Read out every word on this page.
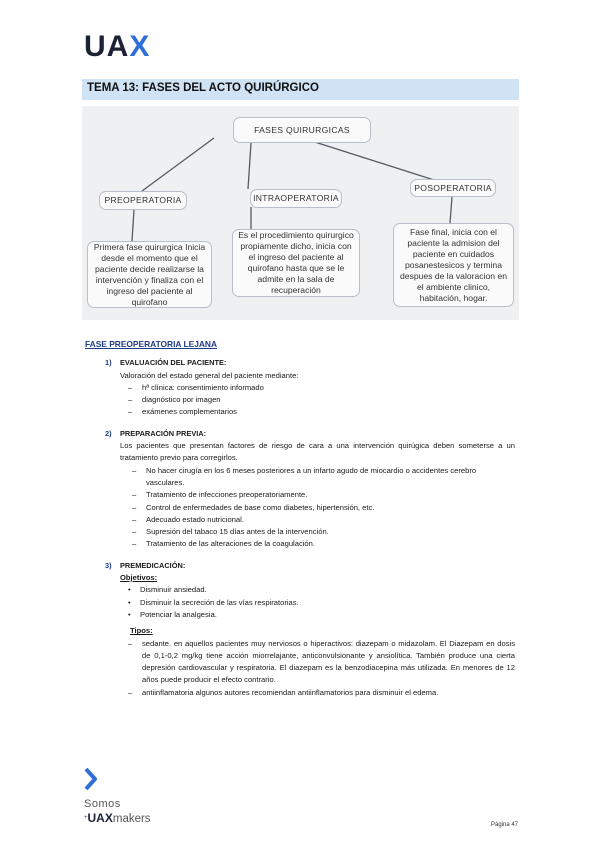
UAX
TEMA 13: FASES DEL ACTO QUIRÚRGICO
FASES QUIRURGICAS
PREOPERATORIA	INTRAOPERATORIA
POSOPERATORIA
Primera fase quirurgica Inicia desde el momento que el paciente decide realizarse la intervención y finaliza con el ingreso del paciente al quirofano
Es el procedimiento quirurgico propiamente dicho, inicia con el ingreso del paciente al quirofano hasta que se le admite en la sala de recuperación
Fase final, inicia con el paciente la admision del paciente en cuidados posanestesicos y termina despues de la valoracion en el ambiente clinico, habitación, hogar.
FASE PREOPERATORIA LEJANA
1) EVALUACIÓN DEL PACIENTE:
Valoración del estado general del paciente mediante:
– hª clínica: consentimiento informado
– diagnóstico por imagen
– exámenes complementarios
2) PREPARACIÓN PREVIA:
Los pacientes que presentan factores de riesgo de cara a una intervención quirúgica deben someterse a un tratamiento previo para corregirlos.
– No hacer cirugía en los 6 meses posteriores a un infarto agudo de miocardio o accidentes cerebro vasculares.
– Tratamiento de infecciones preoperatoriamente.
– Control de enfermedades de base como diabetes, hipertensión, etc.
– Adecuado estado nutricional.
– Supresión del tabaco 15 días antes de la intervención.
– Tratamiento de las alteraciones de la coagulación.
3) PREMEDICACIÓN:
Objetivos:
• Disminuir ansiedad.
• Disminuir la secreción de las vías respiratorias.
• Potenciar la analgesia.
Tipos:
– sedante. en aquellos pacientes muy nerviosos o hiperactivos: diazepam o midazolam. El Diazepam en dosis de 0,1-0,2 mg/kg tiene acción miorrelajante, anticonvulsionante y ansiolítica. También produce una cierta depresión cardiovascular y respiratoria. El diazepam es la benzodiacepina más utilizada. En menores de 12 años puede producir el efecto contrario.
– antiinflamatoria algunos autores recomiendan antiinflamatorios para disminuir el edema.
Somos
+UAXmakers	Página 47
